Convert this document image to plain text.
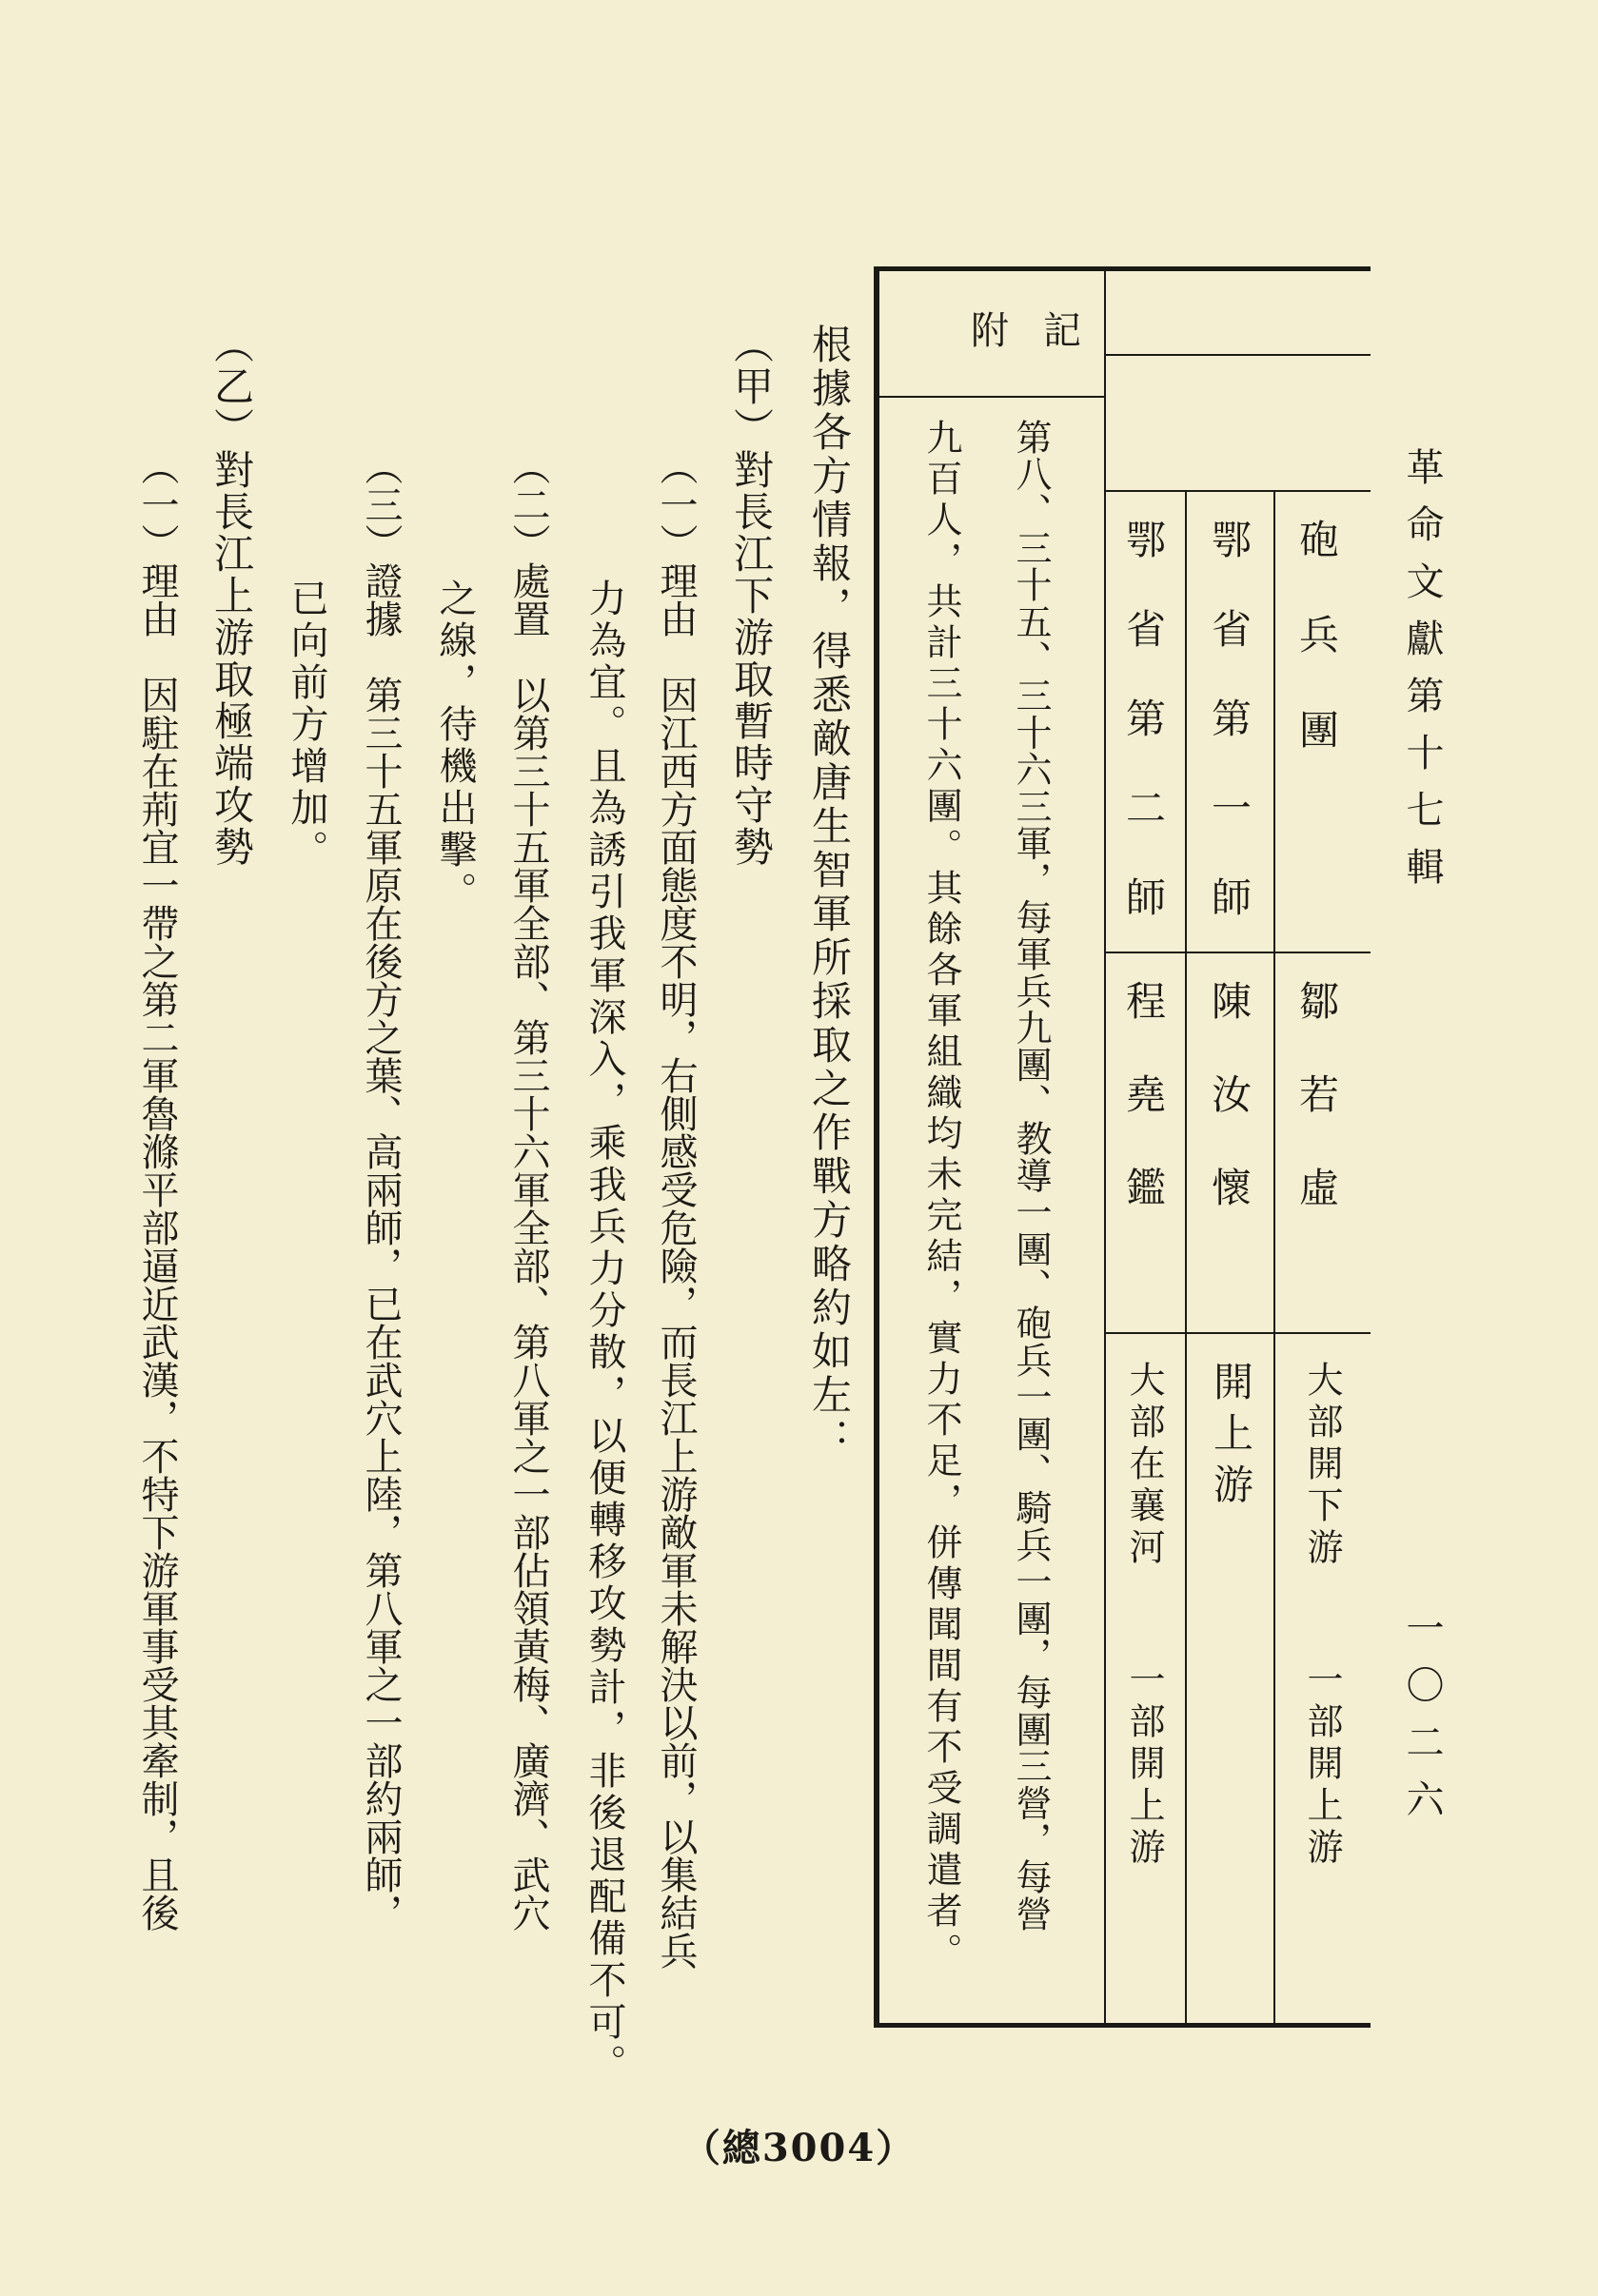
革命文獻第十七輯

一〇二六

砲兵團

鄒若虛

大部開下游

一部開上游

鄂省第一師

陳汝懷

開上游

鄂省第二師

程堯鑑

大部在襄河

一部開上游

附記

第八、三十五、三十六三軍，每軍兵九團、教導一團、砲兵一團、騎兵一團，每團三營，每營

九百人，共計三十六團。其餘各軍組織均未完結，實力不足，併傳聞間有不受調遣者。

根據各方情報，得悉敵唐生智軍所採取之作戰方略約如左：

（甲）對長江下游取暫時守勢

（一）理由　因江西方面態度不明，右側感受危險，而長江上游敵軍未解決以前，以集結兵

力為宜。且為誘引我軍深入，乘我兵力分散，以便轉移攻勢計，非後退配備不可。

（二）處置　以第三十五軍全部、第三十六軍全部、第八軍之一部佔領黃梅、廣濟、武穴

之線，待機出擊。

（三）證據　第三十五軍原在後方之葉、高兩師，已在武穴上陸，第八軍之一部約兩師，

已向前方增加。

（乙）對長江上游取極端攻勢

（一）理由　因駐在荊宜一帶之第二軍魯滌平部逼近武漢，不特下游軍事受其牽制，且後

（總3004）
